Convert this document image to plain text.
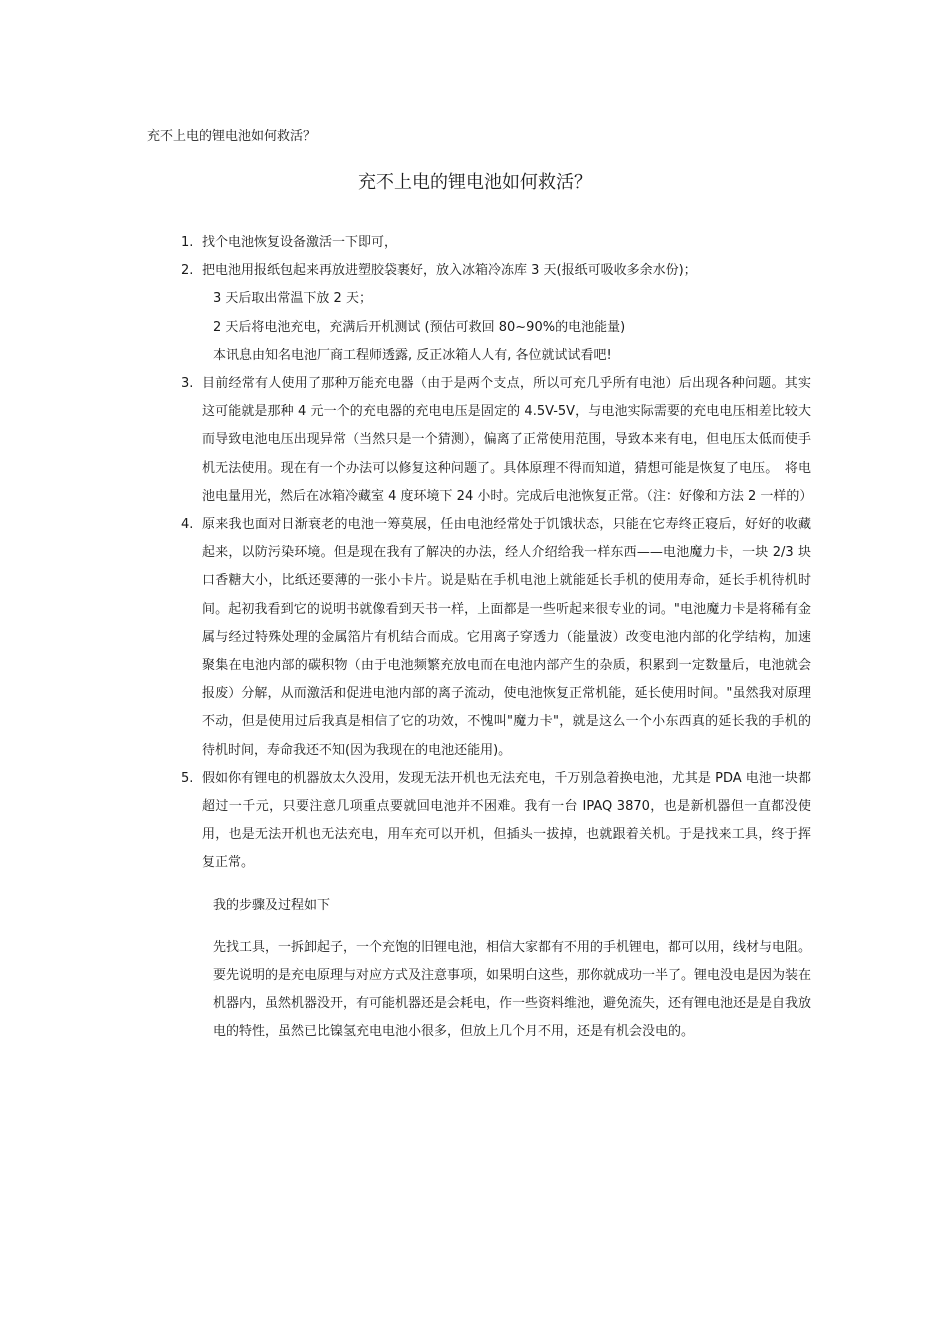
充不上电的锂电池如何救活？
充不上电的锂电池如何救活？
1. 找个电池恢复设备激活一下即可，
2. 把电池用报纸包起来再放进塑胶袋裹好，放入冰箱冷冻库 3 天(报纸可吸收多余水份)；

3 天后取出常温下放 2 天；

2 天后将电池充电，充满后开机测试 (预估可救回 80~90%的电池能量)

本讯息由知名电池厂商工程师透露, 反正冰箱人人有, 各位就试试看吧!

3. 目前经常有人使用了那种万能充电器（由于是两个支点，所以可充几乎所有电池）后出现各种问题。其实这可能就是那种 4 元一个的充电器的充电电压是固定的 4.5V-5V，与电池实际需要的充电电压相差比较大而导致电池电压出现异常（当然只是一个猜测），偏离了正常使用范围，导致本来有电，但电压太低而使手机无法使用。现在有一个办法可以修复这种问题了。具体原理不得而知道，猜想可能是恢复了电压。　将电池电量用光，然后在冰箱冷藏室 4 度环境下 24 小时。完成后电池恢复正常。（注：好像和方法 2 一样的）
4. 原来我也面对日渐衰老的电池一筹莫展，任由电池经常处于饥饿状态，只能在它寿终正寝后，好好的收藏起来，以防污染环境。但是现在我有了解决的办法，经人介绍给我一样东西——电池魔力卡，一块 2/3 块口香糖大小，比纸还要薄的一张小卡片。说是贴在手机电池上就能延长手机的使用寿命，延长手机待机时间。起初我看到它的说明书就像看到天书一样，上面都是一些听起来很专业的词。"电池魔力卡是将稀有金属与经过特殊处理的金属箔片有机结合而成。它用离子穿透力（能量波）改变电池内部的化学结构，加速聚集在电池内部的碳积物（由于电池频繁充放电而在电池内部产生的杂质，积累到一定数量后，电池就会报废）分解，从而激活和促进电池内部的离子流动，使电池恢复正常机能，延长使用时间。"虽然我对原理不动，但是使用过后我真是相信了它的功效，不愧叫"魔力卡"，就是这么一个小东西真的延长我的手机的待机时间，寿命我还不知(因为我现在的电池还能用)。
5. 假如你有锂电的机器放太久没用，发现无法开机也无法充电，千万别急着换电池，尤其是 PDA 电池一块都超过一千元，只要注意几项重点要就回电池并不困难。我有一台 IPAQ 3870，也是新机器但一直都没使用，也是无法开机也无法充电，用车充可以开机，但插头一拔掉，也就跟着关机。于是找来工具，终于挥复正常。

我的步骤及过程如下

先找工具，一拆卸起子，一个充饱的旧锂电池，相信大家都有不用的手机锂电，都可以用，线材与电阻。要先说明的是充电原理与对应方式及注意事项，如果明白这些，那你就成功一半了。锂电没电是因为装在机器内，虽然机器没开，有可能机器还是会耗电，作一些资料维池，避免流失，还有锂电池还是是自我放电的特性，虽然已比镍氢充电电池小很多，但放上几个月不用，还是有机会没电的。
